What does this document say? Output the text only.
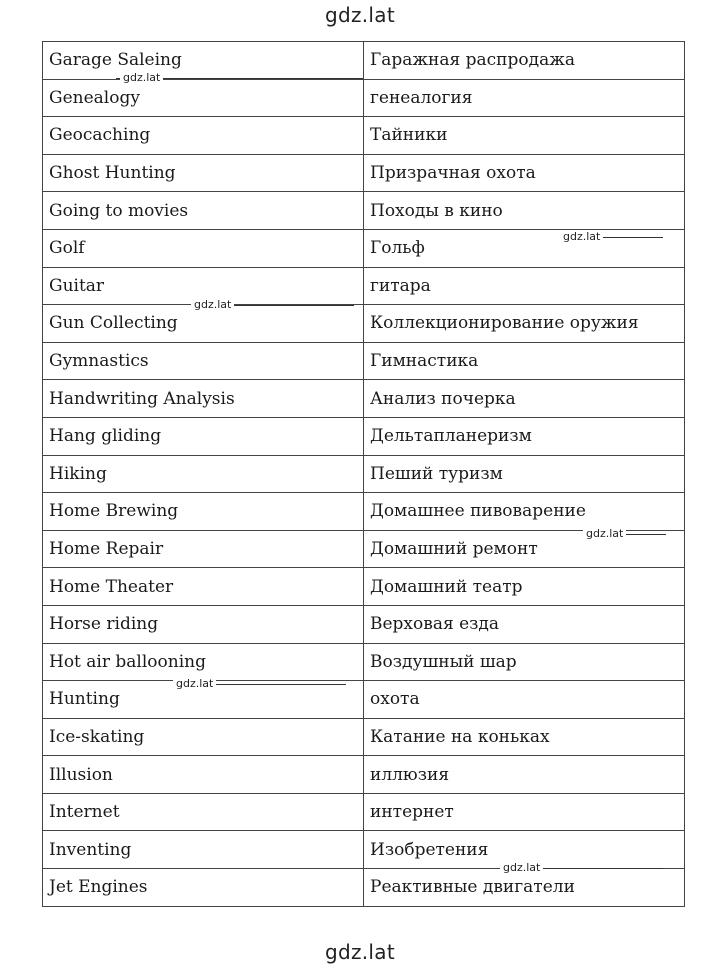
gdz.lat
Garage Saleing	Гаражная распродажа
Genealogy	генеалогия
Geocaching	Тайники
Ghost Hunting	Призрачная охота
Going to movies	Походы в кино
Golf	Гольф
Guitar	гитара
Gun Collecting	Коллекционирование оружия
Gymnastics	Гимнастика
Handwriting Analysis	Анализ почерка
Hang gliding	Дельтапланеризм
Hiking	Пеший туризм
Home Brewing	Домашнее пивоварение
Home Repair	Домашний ремонт
Home Theater	Домашний театр
Horse riding	Верховая езда
Hot air ballooning	Воздушный шар
Hunting	охота
Ice-skating	Катание на коньках
Illusion	иллюзия
Internet	интернет
Inventing	Изобретения
Jet Engines	Реактивные двигатели
gdz.lat
gdz.lat
gdz.lat
gdz.lat
gdz.lat
gdz.lat
gdz.lat
